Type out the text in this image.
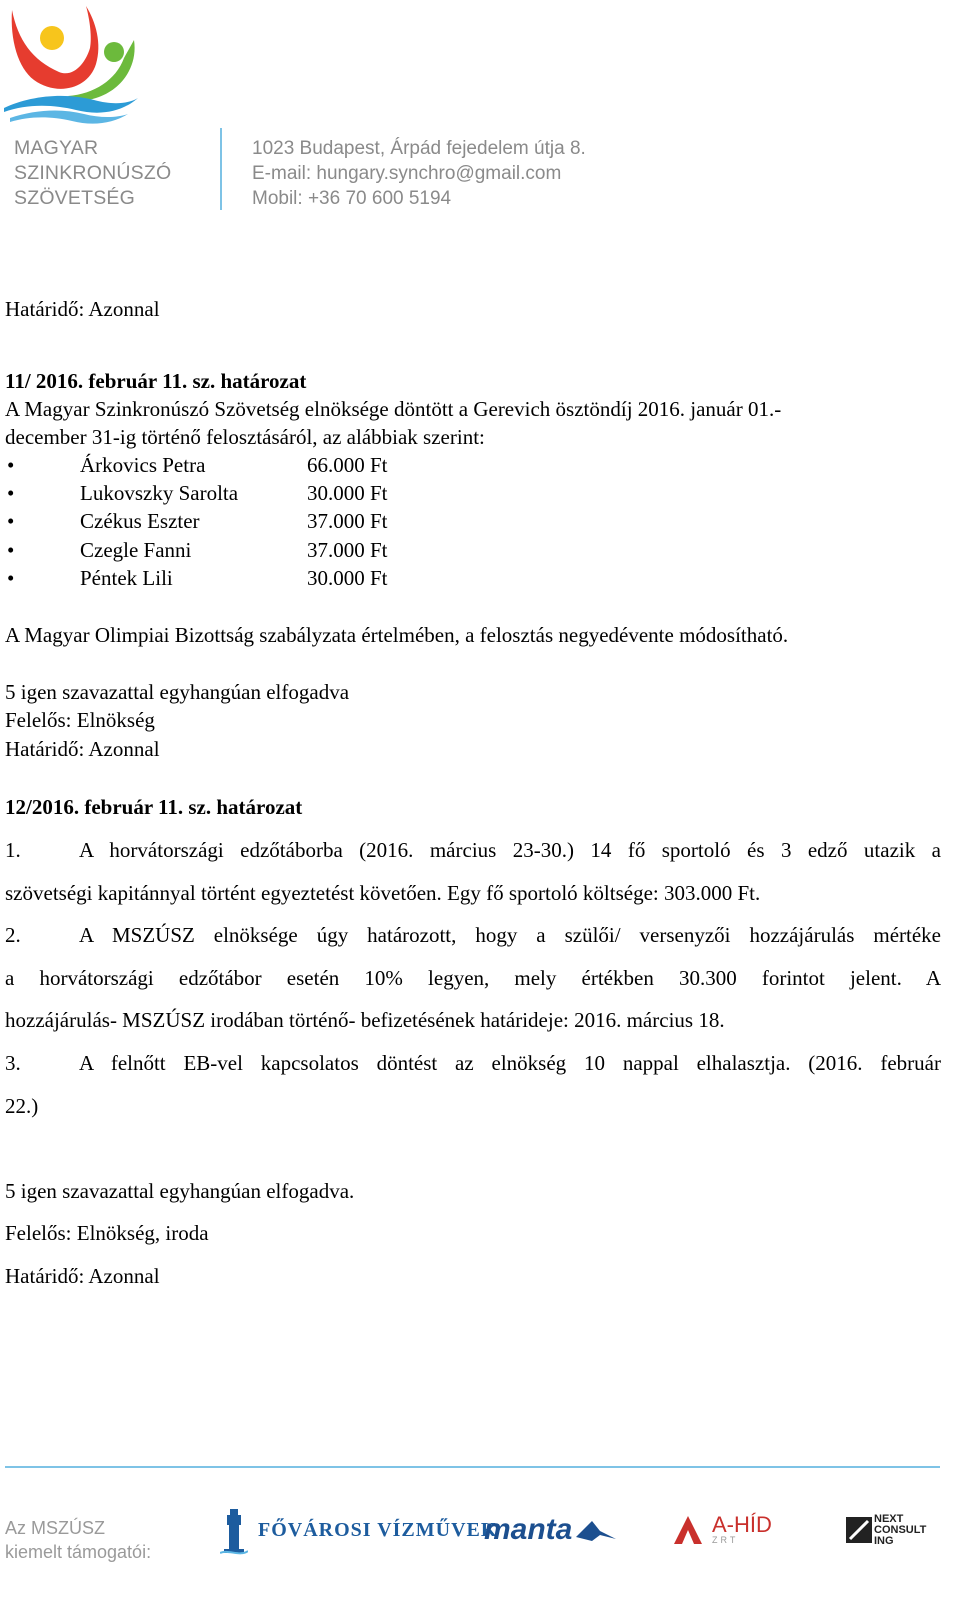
MAGYAR
SZINKRONÚSZÓ
SZÖVETSÉG
1023 Budapest, Árpád fejedelem útja 8.
E-mail: hungary.synchro@gmail.com
Mobil: +36 70 600 5194
Határidő: Azonnal
11/ 2016. február 11. sz. határozat
A Magyar Szinkronúszó Szövetség elnöksége döntött a Gerevich ösztöndíj 2016. január 01.-
december 31-ig történő felosztásáról, az alábbiak szerint:
•	Árkovics Petra	66.000 Ft
•	Lukovszky Sarolta	30.000 Ft
•	Czékus Eszter	37.000 Ft
•	Czegle Fanni	37.000 Ft
•	Péntek Lili	30.000 Ft
A Magyar Olimpiai Bizottság szabályzata értelmében, a felosztás negyedévente módosítható.
5 igen szavazattal egyhangúan elfogadva
Felelős: Elnökség
Határidő: Azonnal
12/2016. február 11. sz. határozat
1.	A horvátországi edzőtáborba (2016. március 23-30.) 14 fő sportoló és 3 edző utazik a
szövetségi kapitánnyal történt egyeztetést követően. Egy fő sportoló költsége: 303.000 Ft.
2.	A MSZÚSZ elnöksége úgy határozott, hogy a szülői/ versenyzői hozzájárulás mértéke
a horvátországi edzőtábor esetén 10% legyen, mely értékben 30.300 forintot jelent. A
hozzájárulás- MSZÚSZ irodában történő- befizetésének határideje: 2016. március 18.
3.	A felnőtt EB-vel kapcsolatos döntést az elnökség 10 nappal elhalasztja. (2016. február
22.)
5 igen szavazattal egyhangúan elfogadva.
Felelős: Elnökség, iroda
Határidő: Azonnal
Az MSZÚSZ
kiemelt támogatói:
FŐVÁROSI VÍZMŰVEK
manta	A-HÍD
ZRT
NEXT
CONSULT
ING
